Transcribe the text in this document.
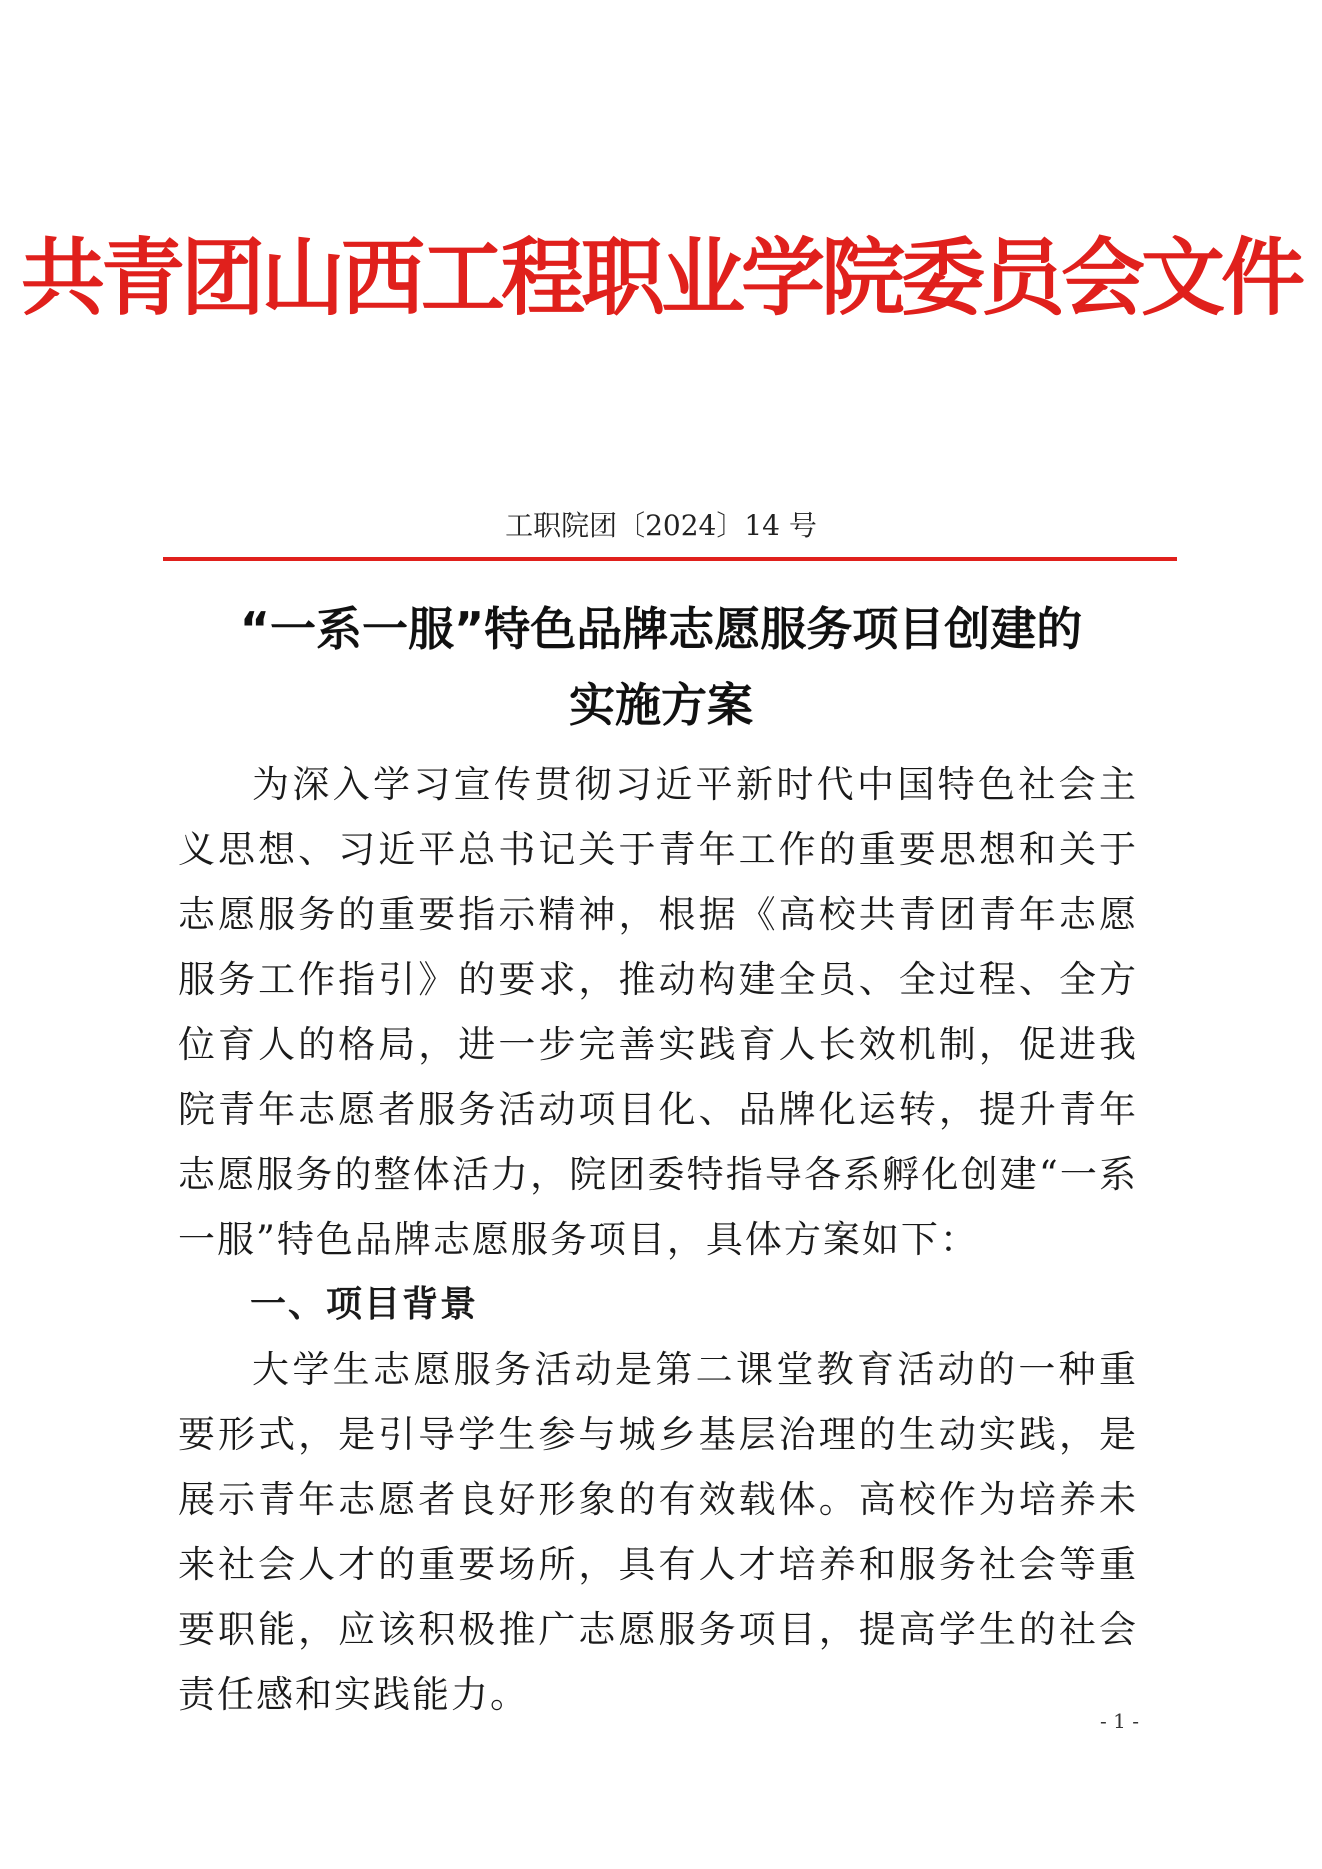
共青团山西工程职业学院委员会文件
工职院团〔2024〕14 号
“一系一服”特色品牌志愿服务项目创建的
实施方案

为深入学习宣传贯彻习近平新时代中国特色社会主义思想、习近平总书记关于青年工作的重要思想和关于志愿服务的重要指示精神，根据《高校共青团青年志愿服务工作指引》的要求，推动构建全员、全过程、全方位育人的格局，进一步完善实践育人长效机制，促进我院青年志愿者服务活动项目化、品牌化运转，提升青年志愿服务的整体活力，院团委特指导各系孵化创建“一系一服”特色品牌志愿服务项目，具体方案如下：

一、项目背景

大学生志愿服务活动是第二课堂教育活动的一种重要形式，是引导学生参与城乡基层治理的生动实践，是展示青年志愿者良好形象的有效载体。高校作为培养未来社会人才的重要场所，具有人才培养和服务社会等重要职能，应该积极推广志愿服务项目，提高学生的社会责任感和实践能力。

- 1 -
